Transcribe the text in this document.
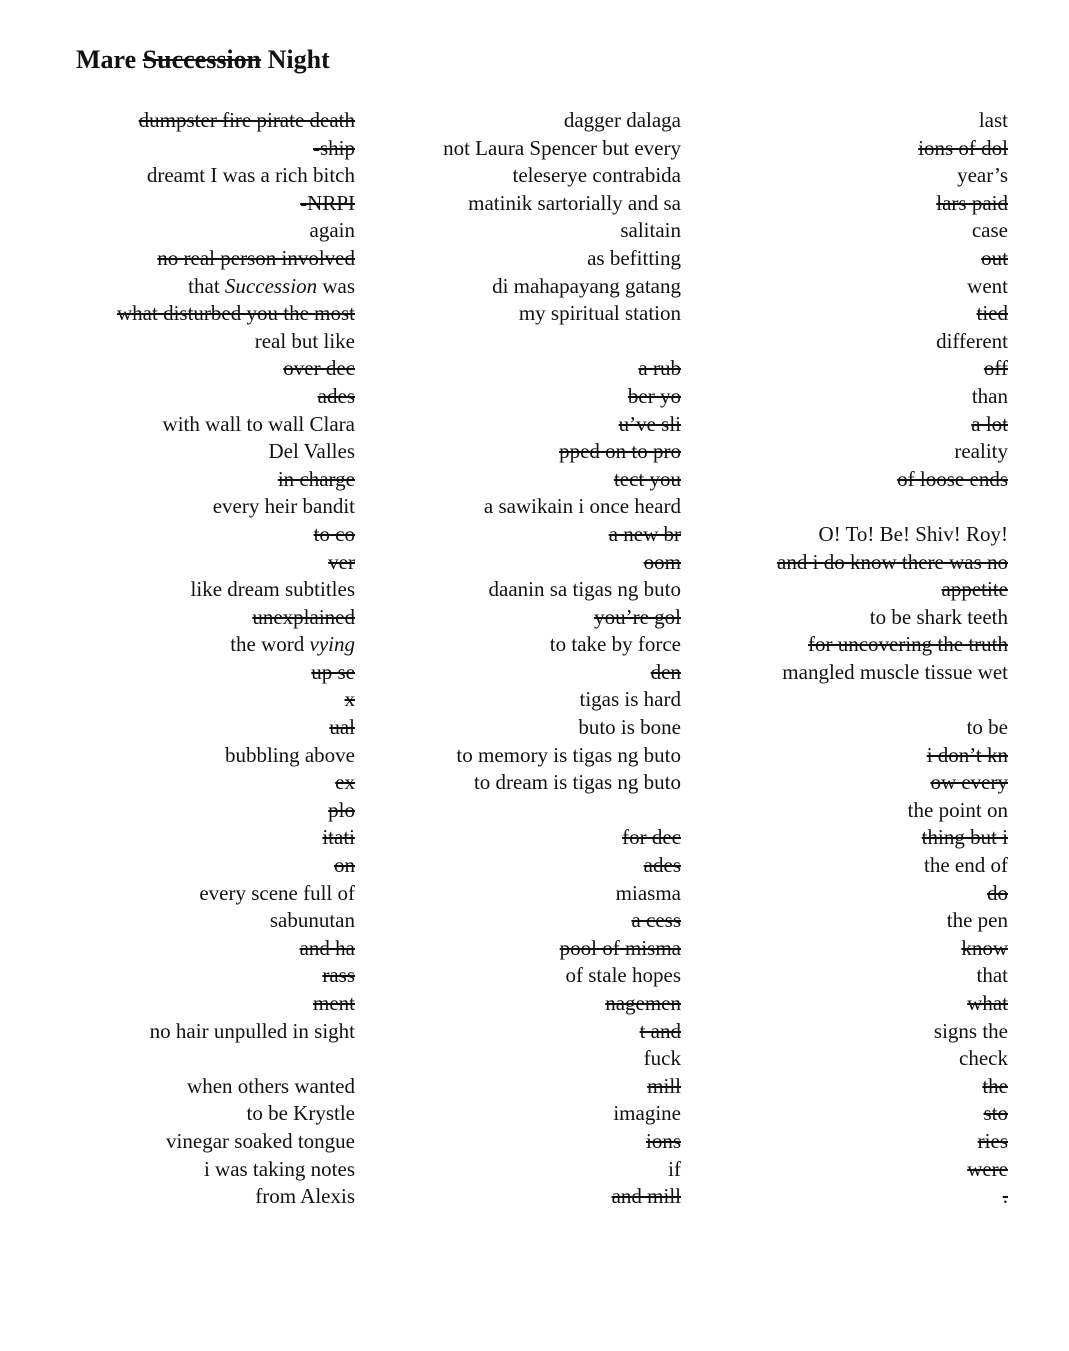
Mare Succession Night
dumpster fire pirate death
-ship
dreamt I was a rich bitch
-NRPI
again
no real person involved
that Succession was
what disturbed you the most
real but like
over dec
ades
with wall to wall Clara
Del Valles
in charge
every heir bandit
to co
ver
like dream subtitles
unexplained
the word vying
up se
x
ual
bubbling above
ex
plo
itati
on
every scene full of
sabunutan
and ha
rass
ment
no hair unpulled in sight
when others wanted
to be Krystle
vinegar soaked tongue
i was taking notes
from Alexis
dagger dalaga
not Laura Spencer but every
teleserye contrabida
matinik sartorially and sa
salitain
as befitting
di mahapayang gatang
my spiritual station
a rub
ber yo
u’ve sli
pped on to pro
tect you
a sawikain i once heard
a new br
oom
daanin sa tigas ng buto
you’re gol
to take by force
den
tigas is hard
buto is bone
to memory is tigas ng buto
to dream is tigas ng buto
for dec
ades
miasma
a cess
pool of misma
of stale hopes
nagemen
t and
fuck
mill
imagine
ions
if
and mill
last
ions of dol
year’s
lars paid
case
out
went
tied
different
off
than
a lot
reality
of loose ends
O! To! Be! Shiv! Roy!
and i do know there was no
appetite
to be shark teeth
for uncovering the truth
mangled muscle tissue wet
to be
i don’t kn
ow every
the point on
thing but i
the end of
do
the pen
know
that
what
signs the
check
the
sto
ries
were
.
